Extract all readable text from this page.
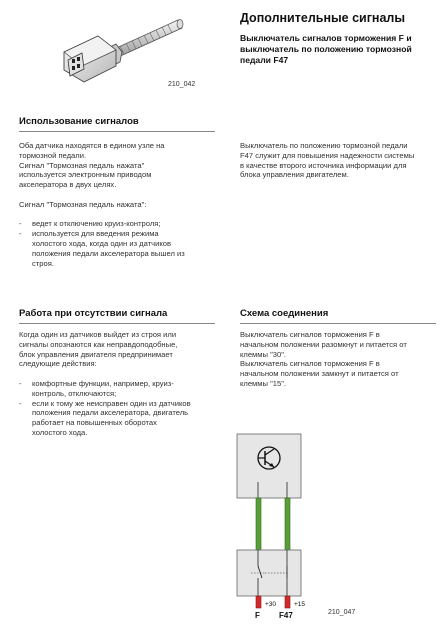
Дополнительные сигналы
Выключатель сигналов торможения F и
выключатель по положению тормозной
педали F47
210_042
Использование сигналов

Оба датчика находятся в едином узле на

тормозной педали.

Сигнал "Тормозная педаль нажата"

используется электронным приводом

акселератора в двух целях.

Сигнал "Тормозная педаль нажата":

- ведет к отключению круиз-контроля;
- используется для введения режима
холостого хода, когда один из датчиков
положения педали акселератора вышел из
строя.

Выключатель по положению тормозной педали

F47 служит для повышения надежности системы

в качестве второго источника информации для

блока управления двигателем.

Работа при отсутствии сигнала

Когда один из датчиков выйдет из строя или

сигналы опознаются как неправдоподобные,

блок управления двигателя предпринимает

следующие действия:

- комфортные функции, например, круиз-
контроль, отключаются;
- если к тому же неисправен один из датчиков
положения педали акселератора, двигатель
работает на повышенных оборотах
холостого хода.
Схема соединения

Выключатель сигналов торможения F в

начальном положении разомкнут и питается от

клеммы "30".

Выключатель сигналов торможения F в

начальном положении замкнут и питается от

клеммы "15".

+30	+15
F F47	210_047
